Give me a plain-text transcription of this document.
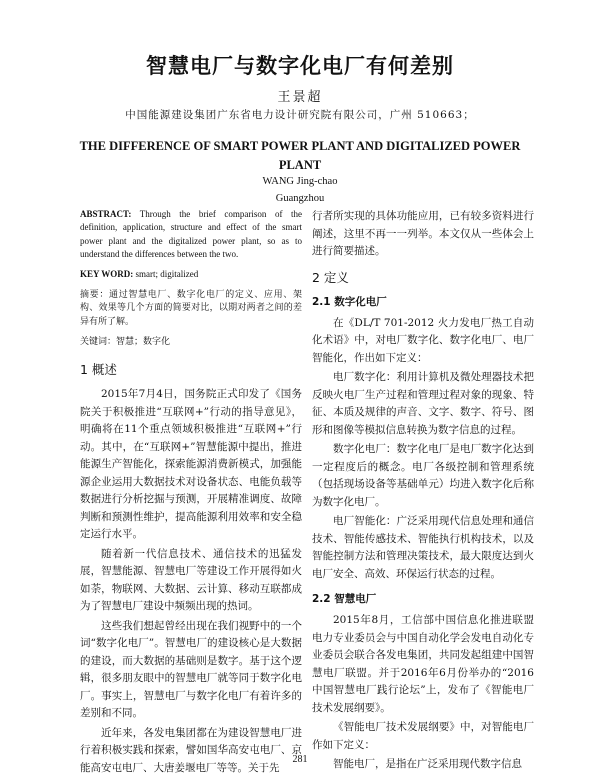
智慧电厂与数字化电厂有何差别
王景超
中国能源建设集团广东省电力设计研究院有限公司，广州 510663；
THE DIFFERENCE OF SMART POWER PLANT AND DIGITALIZED POWER PLANT
WANG Jing-chao
Guangzhou

ABSTRACT: Through the brief comparison of the definition, application, structure and effect of the smart power plant and the digitalized power plant, so as to understand the differences between the two.

KEY WORD: smart; digitalized

摘要：通过智慧电厂、数字化电厂的定义、应用、架构、效果等几个方面的简要对比，以期对两者之间的差异有所了解。

关键词：智慧；数字化

1 概述

2015年7月4日，国务院正式印发了《国务院关于积极推进“互联网+”行动的指导意见》，明确将在11个重点领域积极推进“互联网+”行动。其中，在“互联网+”智慧能源中提出，推进能源生产智能化，探索能源消费新模式，加强能源企业运用大数据技术对设备状态、电能负载等数据进行分析挖掘与预测，开展精准调度、故障判断和预测性维护，提高能源利用效率和安全稳定运行水平。

随着新一代信息技术、通信技术的迅猛发展，智慧能源、智慧电厂等建设工作开展得如火如荼，物联网、大数据、云计算、移动互联都成为了智慧电厂建设中频频出现的热词。

这些我们想起曾经出现在我们视野中的一个词“数字化电厂”。智慧电厂的建设核心是大数据的建设，而大数据的基础则是数字。基于这个逻辑，很多朋友眼中的智慧电厂就等同于数字化电厂。事实上，智慧电厂与数字化电厂有着许多的差别和不同。

近年来，各发电集团都在为建设智慧电厂进行着积极实践和探索，譬如国华高安屯电厂、京能高安屯电厂、大唐姜堰电厂等等。关于先

行者所实现的具体功能应用，已有较多资料进行阐述，这里不再一一列举。本文仅从一些体会上进行简要描述。

2 定义
2.1 数字化电厂

在《DL/T 701-2012 火力发电厂热工自动化术语》中，对电厂数字化、数字化电厂、电厂智能化，作出如下定义：

电厂数字化：利用计算机及微处理器技术把反映火电厂生产过程和管理过程对象的现象、特征、本质及规律的声音、文字、数字、符号、图形和图像等模拟信息转换为数字信息的过程。

数字化电厂：数字化电厂是电厂数字化达到一定程度后的概念。电厂各级控制和管理系统（包括现场设备等基础单元）均进入数字化后称为数字化电厂。

电厂智能化：广泛采用现代信息处理和通信技术、智能传感技术、智能执行机构技术，以及智能控制方法和管理决策技术，最大限度达到火电厂安全、高效、环保运行状态的过程。

2.2 智慧电厂

2015年8月，工信部中国信息化推进联盟电力专业委员会与中国自动化学会发电自动化专业委员会联合各发电集团，共同发起组建中国智慧电厂联盟。并于2016年6月份举办的“2016中国智慧电厂践行论坛”上，发布了《智能电厂技术发展纲要》。

《智能电厂技术发展纲要》中，对智能电厂作如下定义：

智能电厂，是指在广泛采用现代数字信息

281
